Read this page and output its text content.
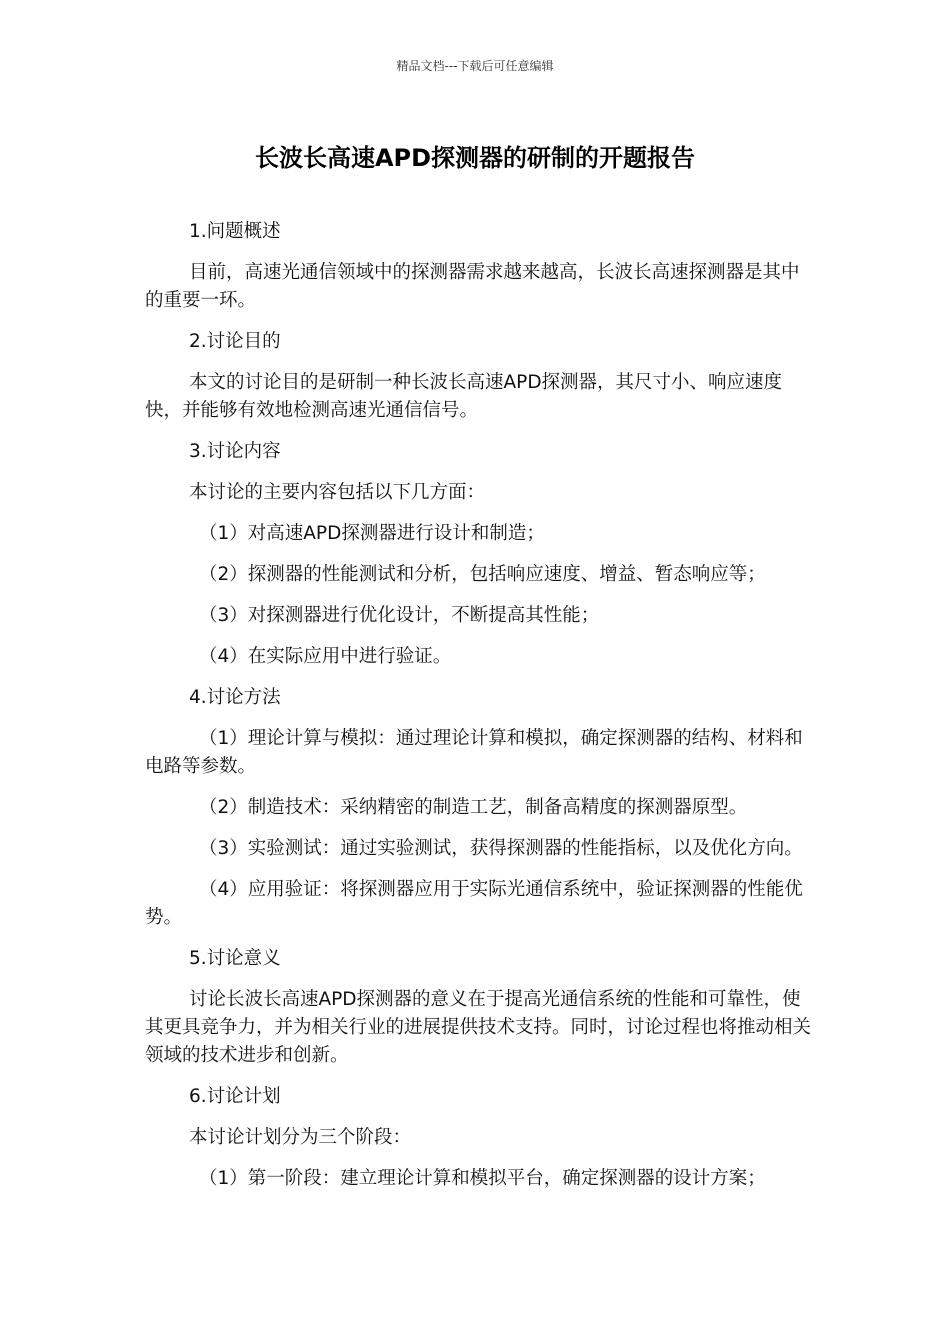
精品文档---下载后可任意编辑
长波长高速APD探测器的研制的开题报告

1.问题概述

目前，高速光通信领域中的探测器需求越来越高，长波长高速探测器是其中的重要一环。

2.讨论目的

本文的讨论目的是研制一种长波长高速APD探测器，其尺寸小、响应速度快，并能够有效地检测高速光通信信号。

3.讨论内容

本讨论的主要内容包括以下几方面：

（1）对高速APD探测器进行设计和制造；

（2）探测器的性能测试和分析，包括响应速度、增益、暂态响应等；

（3）对探测器进行优化设计，不断提高其性能；

（4）在实际应用中进行验证。

4.讨论方法

（1）理论计算与模拟：通过理论计算和模拟，确定探测器的结构、材料和电路等参数。

（2）制造技术：采纳精密的制造工艺，制备高精度的探测器原型。

（3）实验测试：通过实验测试，获得探测器的性能指标，以及优化方向。

（4）应用验证：将探测器应用于实际光通信系统中，验证探测器的性能优势。

5.讨论意义

讨论长波长高速APD探测器的意义在于提高光通信系统的性能和可靠性，使其更具竞争力，并为相关行业的进展提供技术支持。同时，讨论过程也将推动相关领域的技术进步和创新。

6.讨论计划

本讨论计划分为三个阶段：

（1）第一阶段：建立理论计算和模拟平台，确定探测器的设计方案；
